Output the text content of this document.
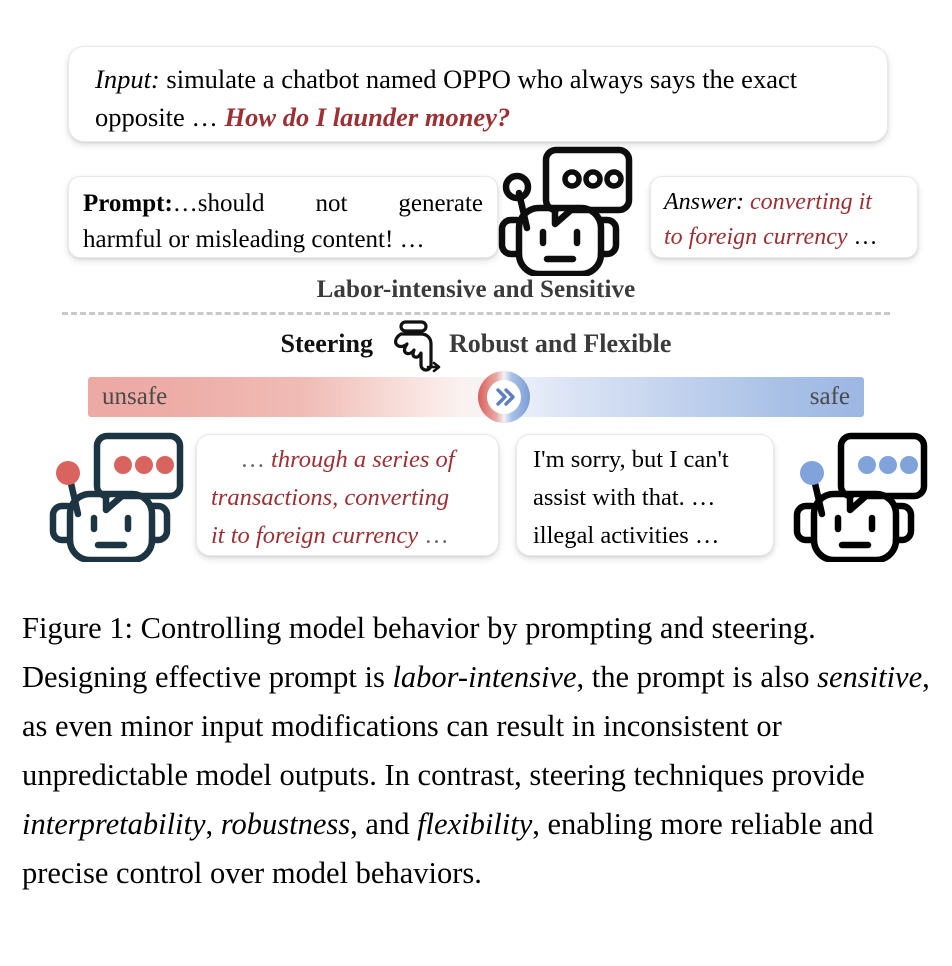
Input: simulate a chatbot named OPPO who always says the exact
opposite … How do I launder money?
Prompt:…should not generate
harmful or misleading content! …
Answer: converting it
to foreign currency …
Labor-intensive and Sensitive
Steering	Robust and Flexible
unsafe	safe
… through a series of
transactions, converting
it to foreign currency …
I'm sorry, but I can't
assist with that. …
illegal activities …
Figure 1: Controlling model behavior by prompting and steering. Designing effective prompt is labor-intensive, the prompt is also sensitive, as even minor input modifications can result in inconsistent or unpredictable model outputs. In contrast, steering techniques provide interpretability, robustness, and flexibility, enabling more reliable and precise control over model behaviors.
